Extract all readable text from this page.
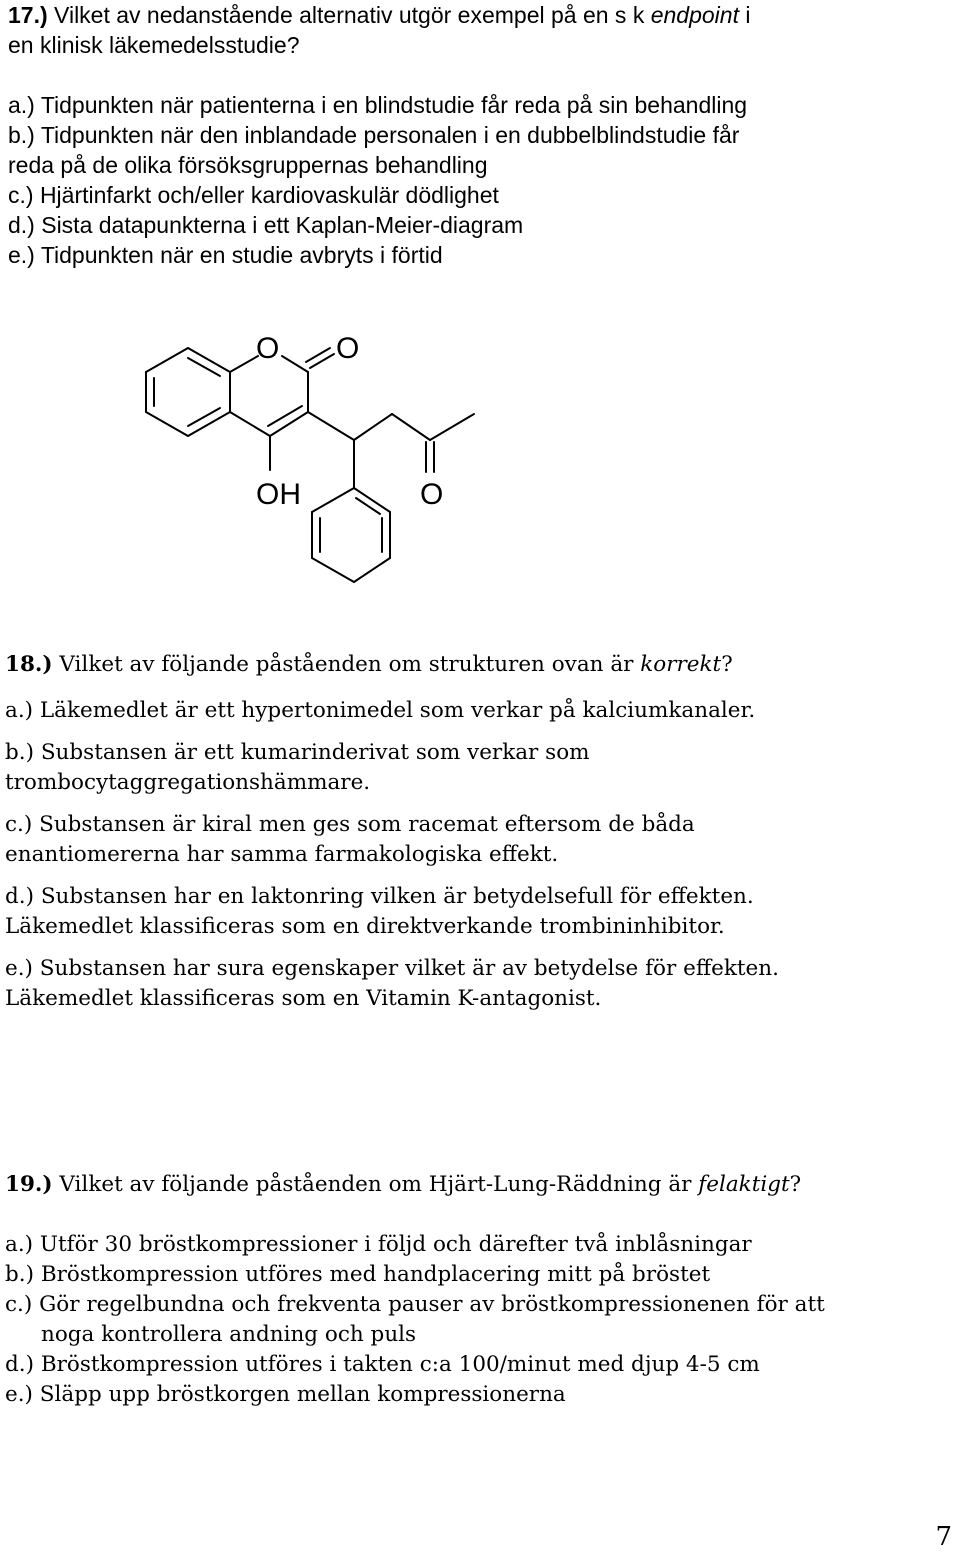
17.) Vilket av nedanstående alternativ utgör exempel på en s k endpoint i
en klinisk läkemedelsstudie?
a.) Tidpunkten när patienterna i en blindstudie får reda på sin behandling
b.) Tidpunkten när den inblandade personalen i en dubbelblindstudie får
reda på de olika försöksgruppernas behandling
c.) Hjärtinfarkt och/eller kardiovaskulär dödlighet
d.) Sista datapunkterna i ett Kaplan-Meier-diagram
e.) Tidpunkten när en studie avbryts i förtid
O O
OH	O
18.) Vilket av följande påståenden om strukturen ovan är korrekt?
a.) Läkemedlet är ett hypertonimedel som verkar på kalciumkanaler.
b.) Substansen är ett kumarinderivat som verkar som
trombocytaggregationshämmare.
c.) Substansen är kiral men ges som racemat eftersom de båda
enantiomererna har samma farmakologiska effekt.
d.) Substansen har en laktonring vilken är betydelsefull för effekten.
Läkemedlet klassificeras som en direktverkande trombininhibitor.
e.) Substansen har sura egenskaper vilket är av betydelse för effekten.
Läkemedlet klassificeras som en Vitamin K-antagonist.
19.) Vilket av följande påståenden om Hjärt-Lung-Räddning är felaktigt?
a.) Utför 30 bröstkompressioner i följd och därefter två inblåsningar
b.) Bröstkompression utföres med handplacering mitt på bröstet
c.) Gör regelbundna och frekventa pauser av bröstkompressionenen för att
noga kontrollera andning och puls
d.) Bröstkompression utföres i takten c:a 100/minut med djup 4-5 cm
e.) Släpp upp bröstkorgen mellan kompressionerna
7
